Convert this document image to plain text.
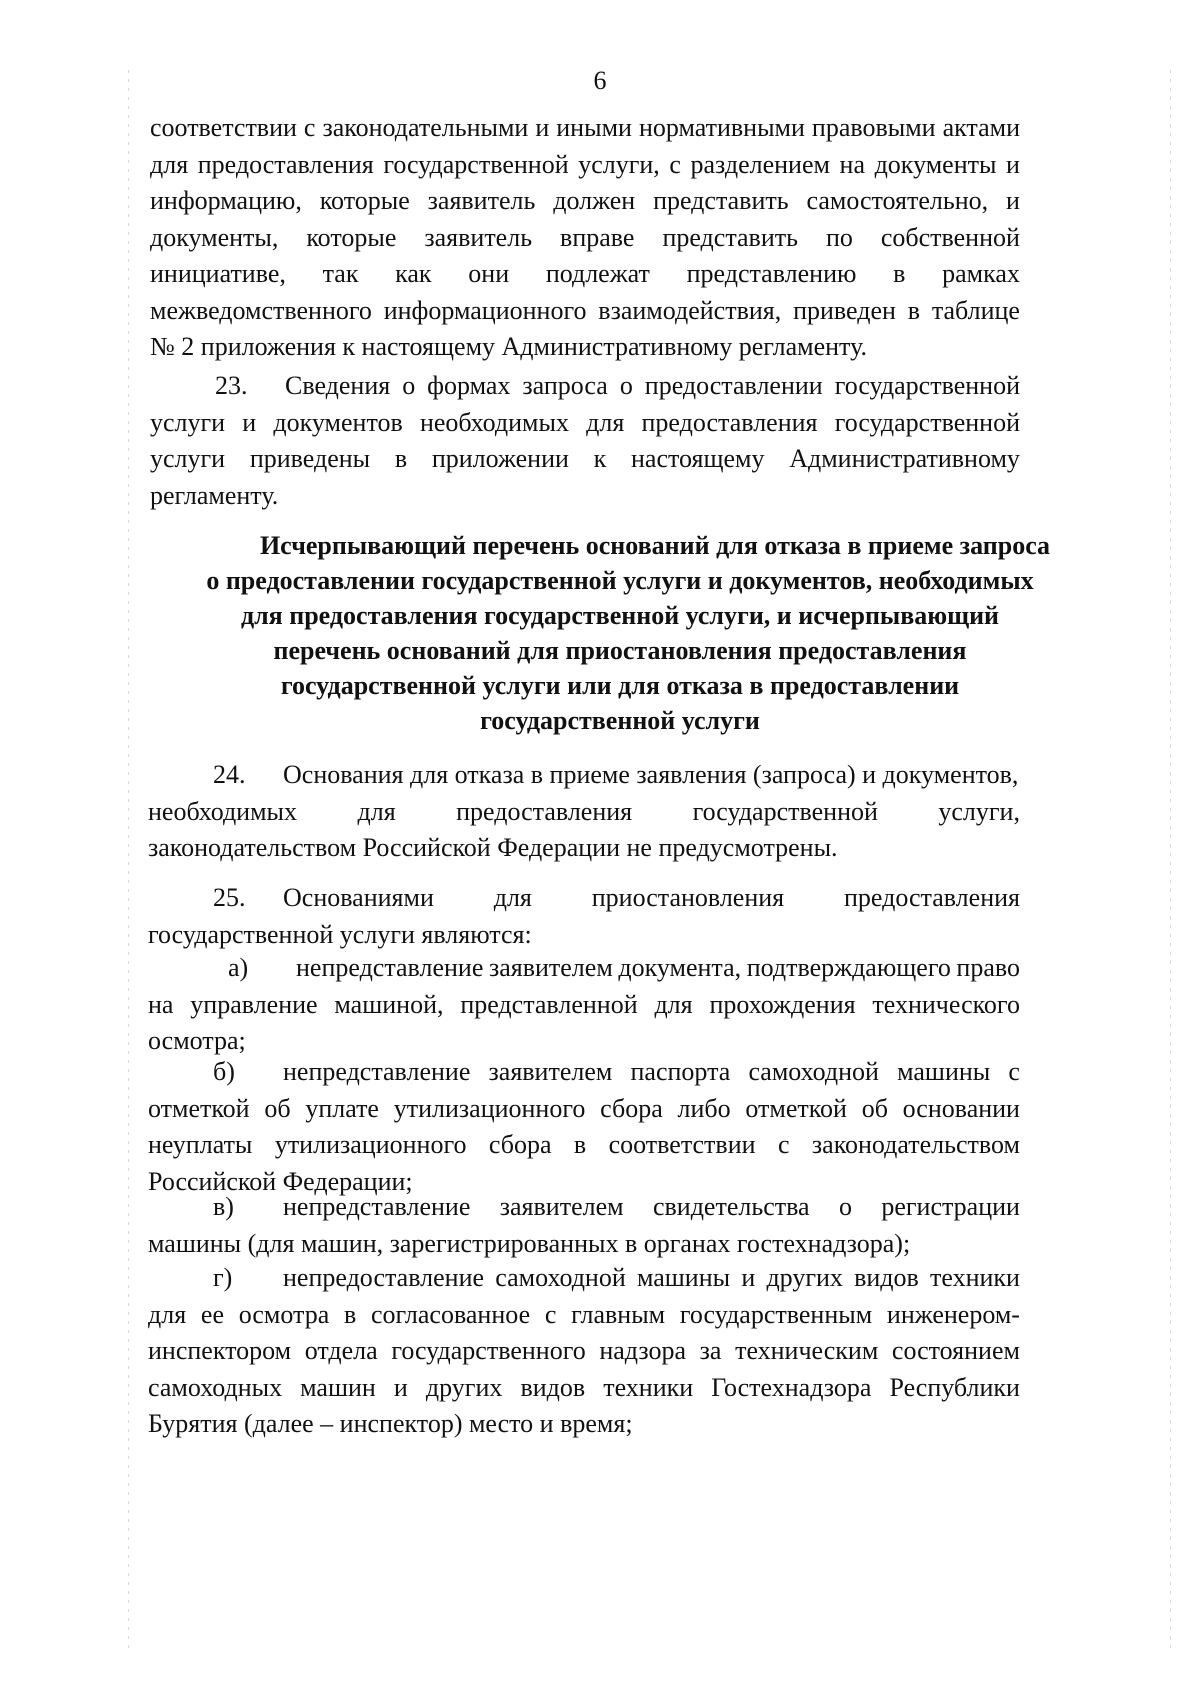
6
соответствии с законодательными и иными нормативными правовыми актами
для предоставления государственной услуги, с разделением на документы и
информацию, которые заявитель должен представить самостоятельно, и
документы, которые заявитель вправе представить по собственной
инициативе, так как они подлежат представлению в рамках
межведомственного информационного взаимодействия, приведен в таблице
№ 2 приложения к настоящему Административному регламенту.
23.	Сведения о формах запроса о предоставлении государственной
услуги и документов необходимых для предоставления государственной
услуги приведены в приложении к настоящему Административному
регламенту.
Исчерпывающий перечень оснований для отказа в приеме запроса
о предоставлении государственной услуги и документов, необходимых
для предоставления государственной услуги, и исчерпывающий
перечень оснований для приостановления предоставления
государственной услуги или для отказа в предоставлении
государственной услуги
24.	Основания для отказа в приеме заявления (запроса) и документов,
необходимых для предоставления государственной услуги,
законодательством Российской Федерации не предусмотрены.
25.	Основаниями для приостановления предоставления
государственной услуги являются:
а)	непредставление заявителем документа, подтверждающего право
на управление машиной, представленной для прохождения технического
осмотра;
б)	непредставление заявителем паспорта самоходной машины с
отметкой об уплате утилизационного сбора либо отметкой об основании
неуплаты утилизационного сбора в соответствии с законодательством
Российской Федерации;
в)	непредставление заявителем свидетельства о регистрации
машины (для машин, зарегистрированных в органах гостехнадзора);
г)	непредоставление самоходной машины и других видов техники
для ее осмотра в согласованное с главным государственным инженером-
инспектором отдела государственного надзора за техническим состоянием
самоходных машин и других видов техники Гостехнадзора Республики
Бурятия (далее – инспектор) место и время;
